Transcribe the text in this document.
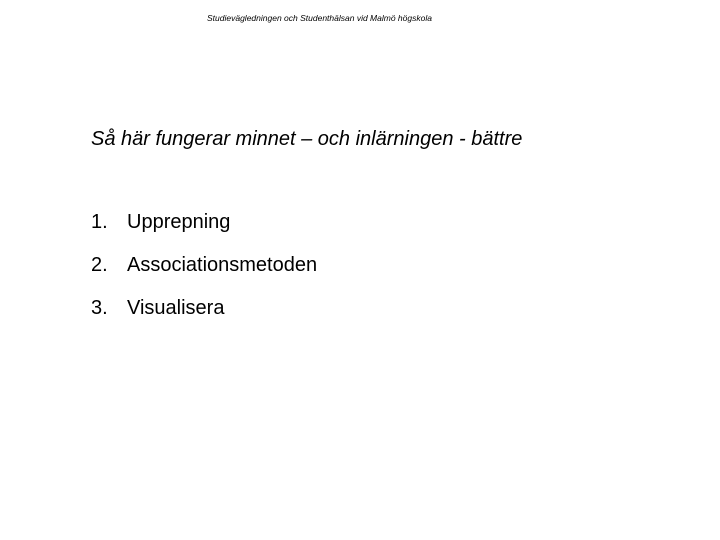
Studievägledningen och Studenthälsan vid Malmö högskola
Så här fungerar minnet – och inlärningen - bättre
1. Upprepning
2. Associationsmetoden
3. Visualisera
